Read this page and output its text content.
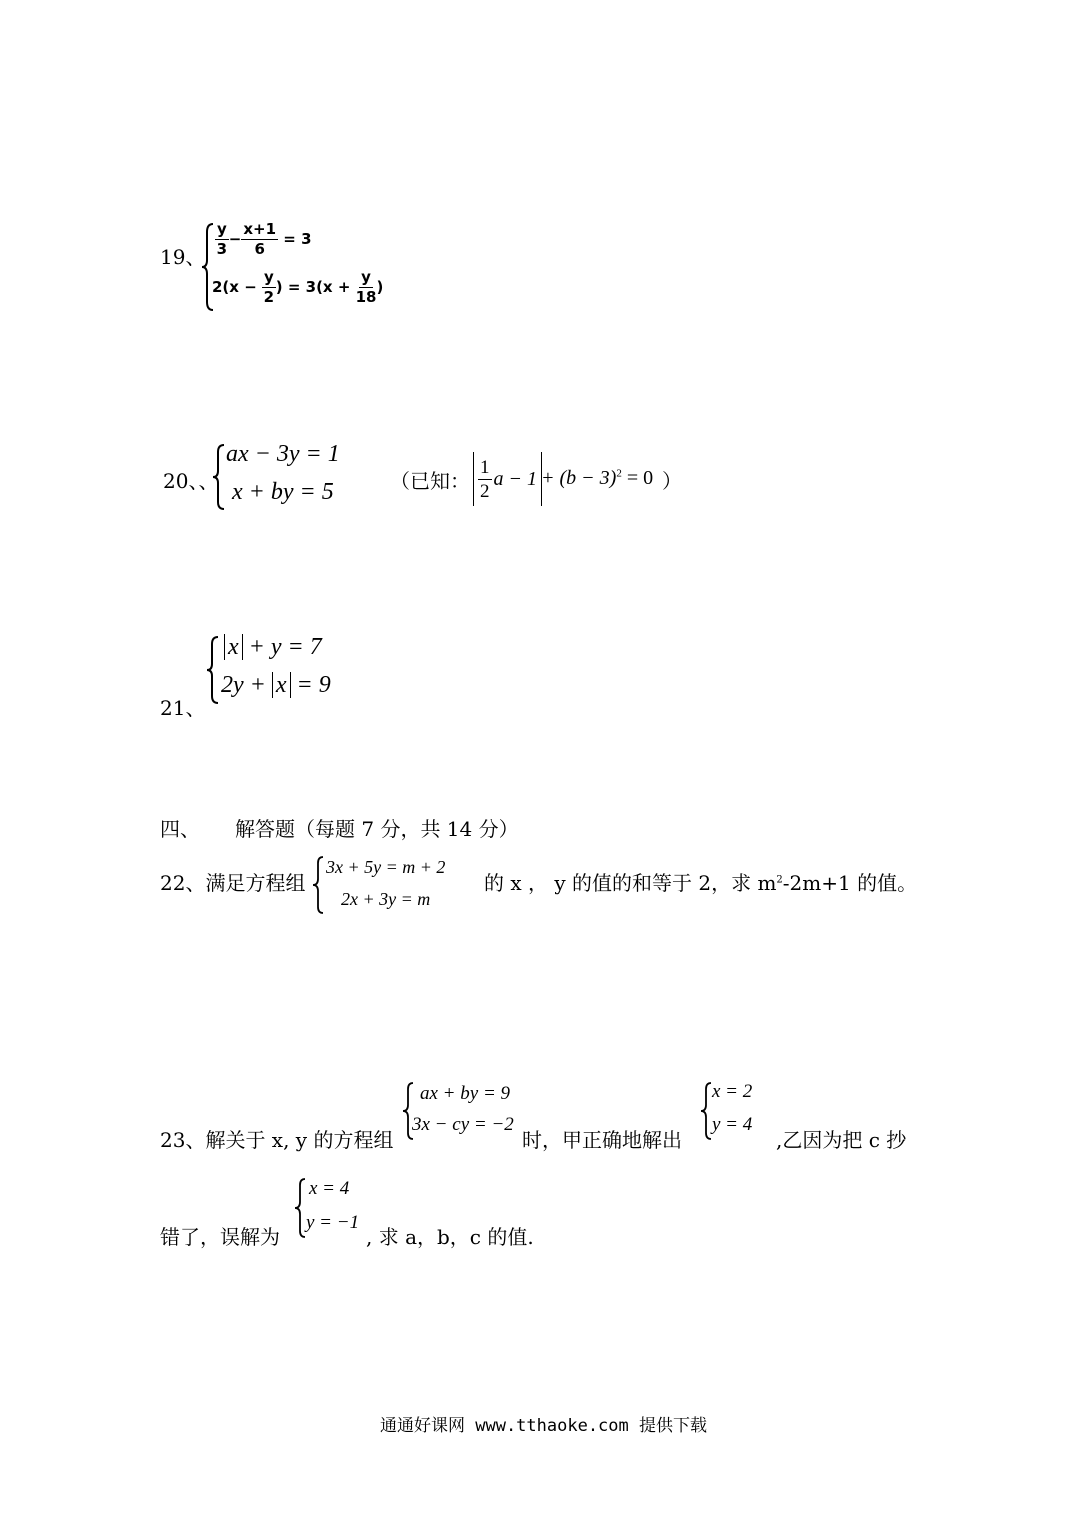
19、 $\frac{y}{3} - \frac{x+1}{6} = 3$
$2(x - \frac{y}{2}$ ) = $3(x + \frac{y}{18}$ )
20、、
ax − 3y = 1
x + by = 5	（已知： $\frac{1}{2}$ $a - 1 + (b - 3)^2 = 0$ ）
x + y = 7
2y + x = 9
21、
四、 解答题（每题 7 分，共 14 分）
22、满足方程组
3x + 5y = m + 2
2x + 3y = m
的 x ， y 的值的和等于 2，求 $m^2-2m+1$ 的值。
23、解关于 x, y 的方程组
ax + by = 9
3x − cy = −2
时，甲正确地解出
x = 2
y = 4
,乙因为把 c 抄
错了，误解为
x = 4
y = −1
, 求 a，b，c 的值.
通通好课网 www.tthaoke.com 提供下载
